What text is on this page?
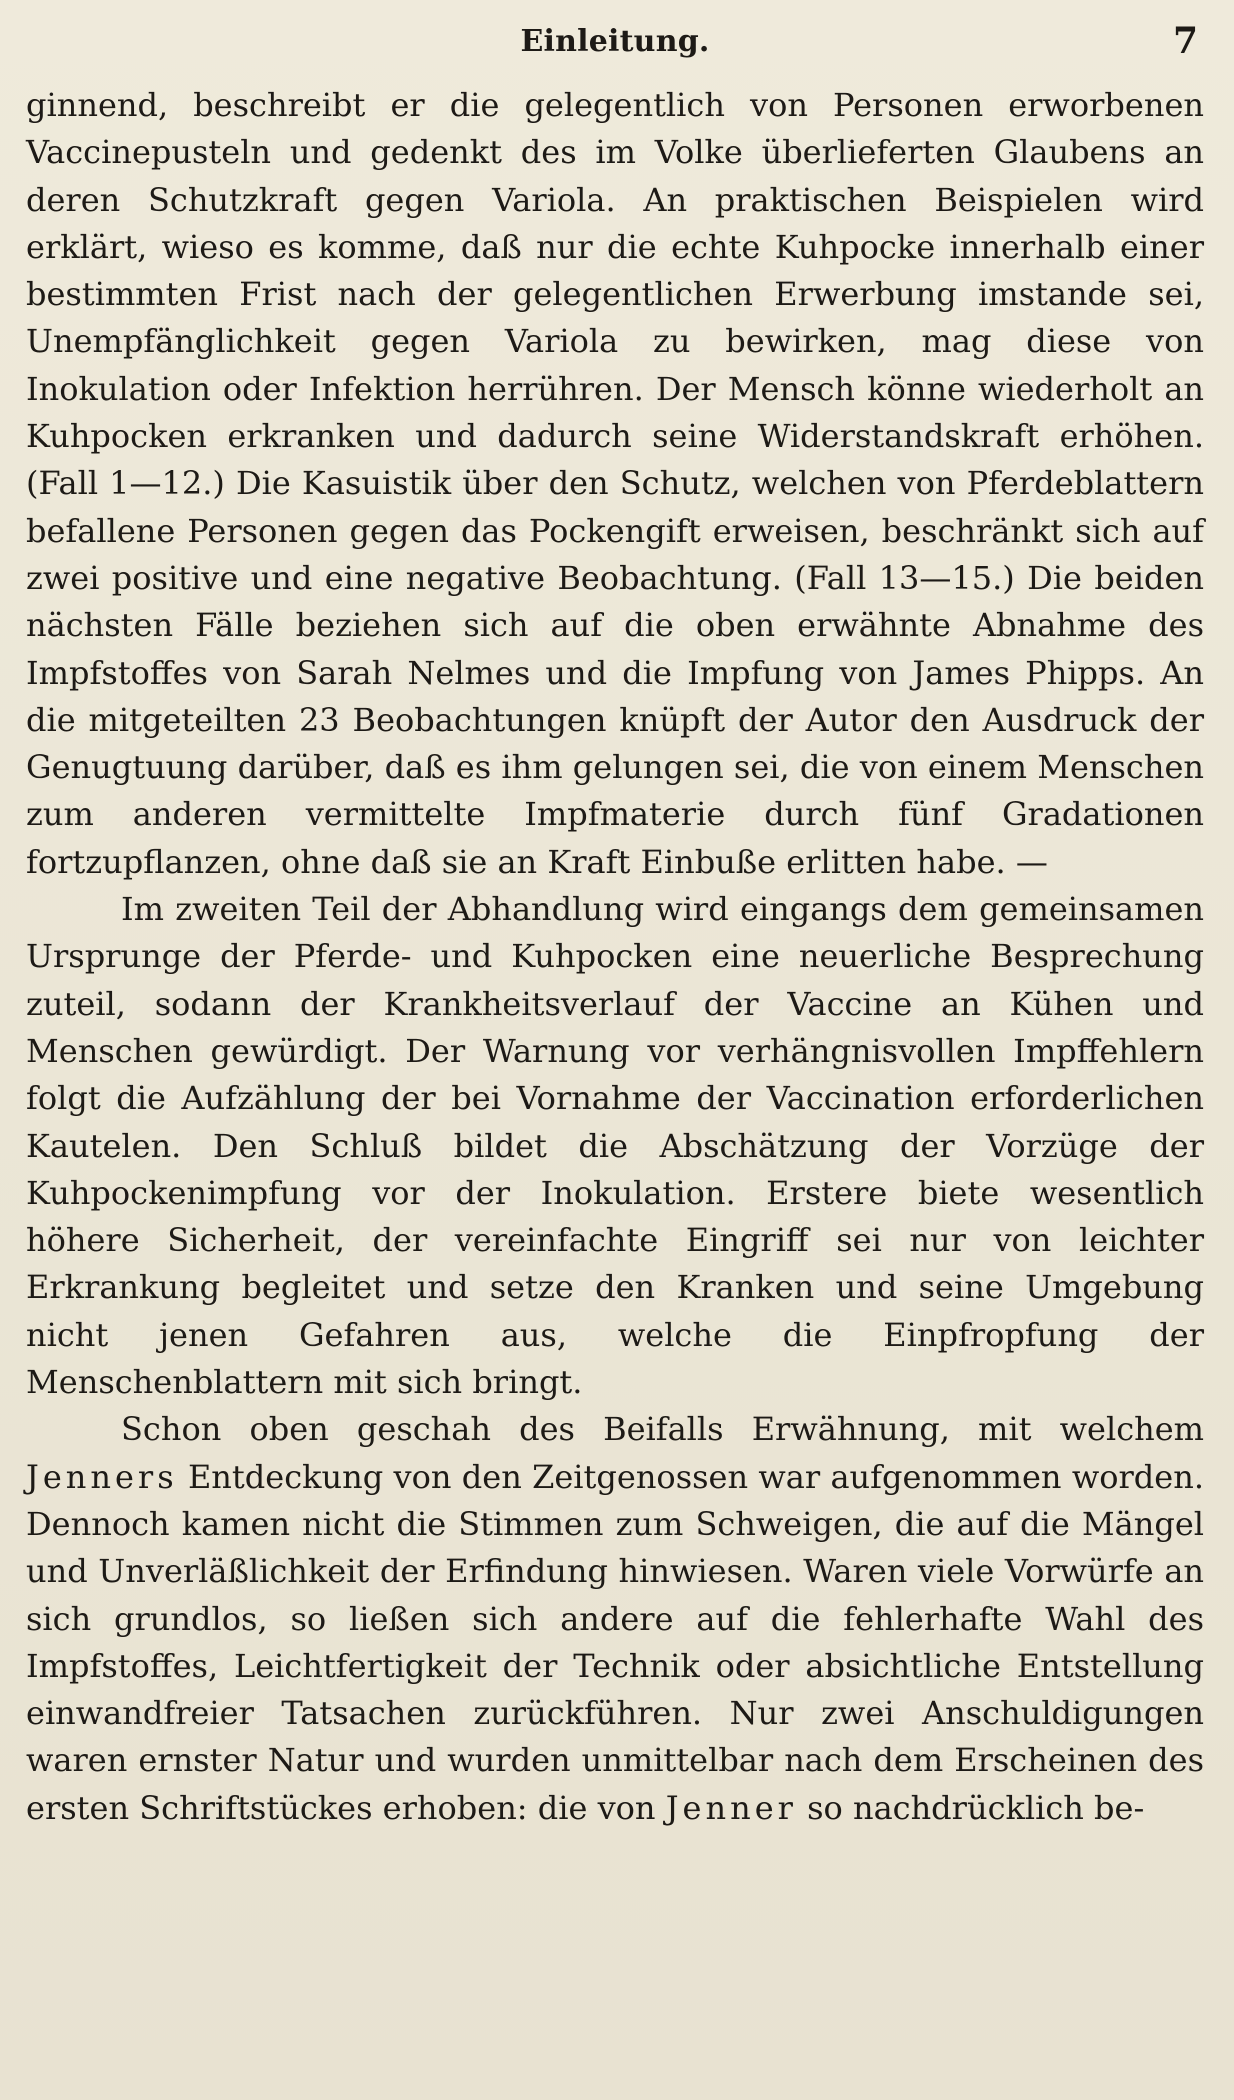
Einleitung.	7

ginnend, beschreibt er die gelegentlich von Personen erworbenen Vaccinepusteln und gedenkt des im Volke überlieferten Glaubens an deren Schutzkraft gegen Variola. An praktischen Beispielen wird erklärt, wieso es komme, daß nur die echte Kuhpocke innerhalb einer bestimmten Frist nach der gelegentlichen Erwerbung imstande sei, Unempfänglichkeit gegen Variola zu bewirken, mag diese von Inokulation oder Infektion herrühren. Der Mensch könne wiederholt an Kuhpocken erkranken und dadurch seine Widerstandskraft erhöhen. (Fall 1—12.) Die Kasuistik über den Schutz, welchen von Pferdeblattern befallene Personen gegen das Pockengift erweisen, beschränkt sich auf zwei positive und eine negative Beobachtung. (Fall 13—15.) Die beiden nächsten Fälle beziehen sich auf die oben erwähnte Abnahme des Impfstoffes von Sarah Nelmes und die Impfung von James Phipps. An die mitgeteilten 23 Beobachtungen knüpft der Autor den Ausdruck der Genugtuung darüber, daß es ihm gelungen sei, die von einem Menschen zum anderen vermittelte Impfmaterie durch fünf Gradationen fortzupflanzen, ohne daß sie an Kraft Einbuße erlitten habe. —

Im zweiten Teil der Abhandlung wird eingangs dem gemeinsamen Ursprunge der Pferde- und Kuhpocken eine neuerliche Besprechung zuteil, sodann der Krankheitsverlauf der Vaccine an Kühen und Menschen gewürdigt. Der Warnung vor verhängnisvollen Impffehlern folgt die Aufzählung der bei Vornahme der Vaccination erforderlichen Kautelen. Den Schluß bildet die Abschätzung der Vorzüge der Kuhpockenimpfung vor der Inokulation. Erstere biete wesentlich höhere Sicherheit, der vereinfachte Eingriff sei nur von leichter Erkrankung begleitet und setze den Kranken und seine Umgebung nicht jenen Gefahren aus, welche die Einpfropfung der Menschenblattern mit sich bringt.

Schon oben geschah des Beifalls Erwähnung, mit welchem Jenners Entdeckung von den Zeitgenossen war aufgenommen worden. Dennoch kamen nicht die Stimmen zum Schweigen, die auf die Mängel und Unverläßlichkeit der Erfindung hinwiesen. Waren viele Vorwürfe an sich grundlos, so ließen sich andere auf die fehlerhafte Wahl des Impfstoffes, Leichtfertigkeit der Technik oder absichtliche Entstellung einwandfreier Tatsachen zurückführen. Nur zwei Anschuldigungen waren ernster Natur und wurden unmittelbar nach dem Erscheinen des ersten Schriftstückes erhoben: die von Jenner so nachdrücklich be-
